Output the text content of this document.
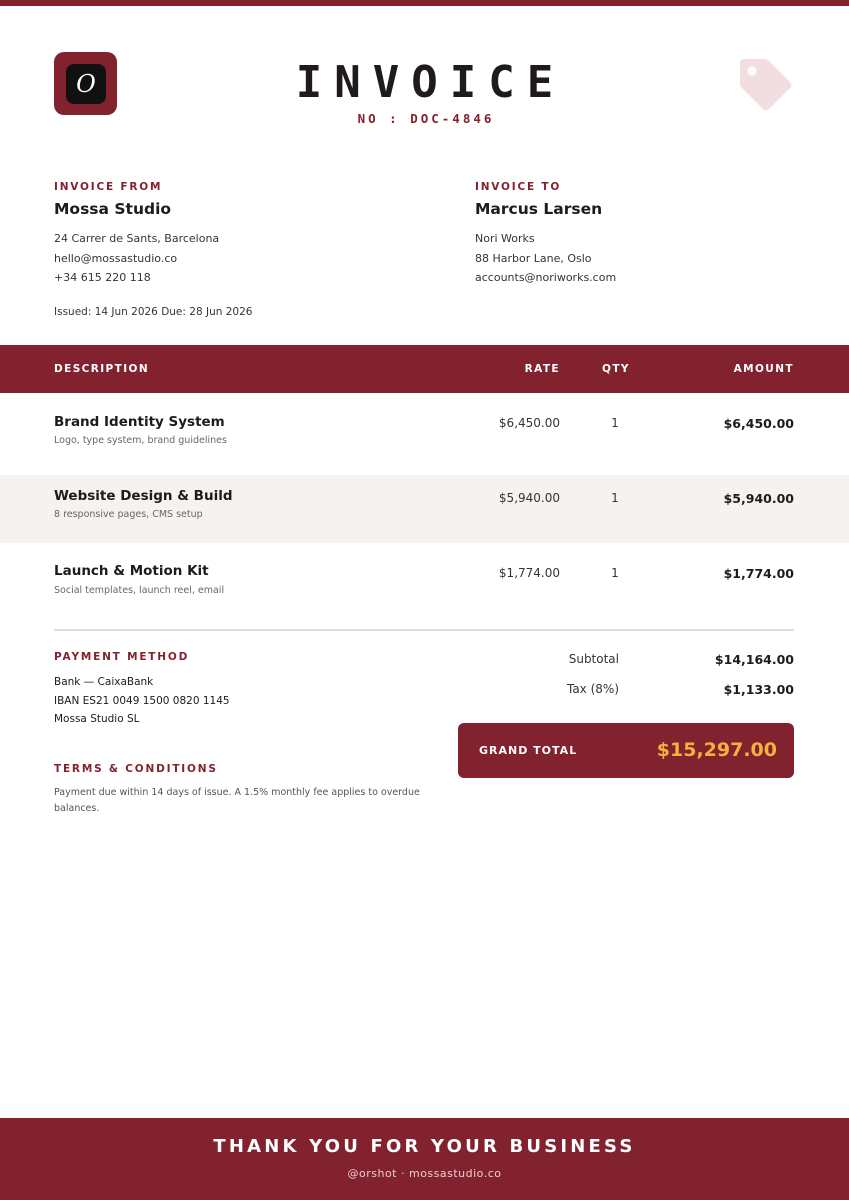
O	INVOICE
NO : DOC-4846
INVOICE FROM
Mossa Studio
24 Carrer de Sants, Barcelona
hello@mossastudio.co
+34 615 220 118
INVOICE TO
Marcus Larsen
Nori Works
88 Harbor Lane, Oslo
accounts@noriworks.com
Issued: 14 Jun 2026 Due: 28 Jun 2026
DESCRIPTION	RATE	QTY	AMOUNT
Brand Identity System
Logo, type system, brand guidelines
$6,450.00	1	$6,450.00
Website Design & Build
8 responsive pages, CMS setup
$5,940.00	1	$5,940.00
Launch & Motion Kit
Social templates, launch reel, email
$1,774.00	1	$1,774.00
PAYMENT METHOD
Bank — CaixaBank
IBAN ES21 0049 1500 0820 1145
Mossa Studio SL
TERMS & CONDITIONS
Payment due within 14 days of issue. A 1.5% monthly fee applies to overdue balances.
Subtotal	$14,164.00
Tax (8%)	$1,133.00
GRAND TOTAL	$15,297.00
THANK YOU FOR YOUR BUSINESS
@orshot · mossastudio.co
